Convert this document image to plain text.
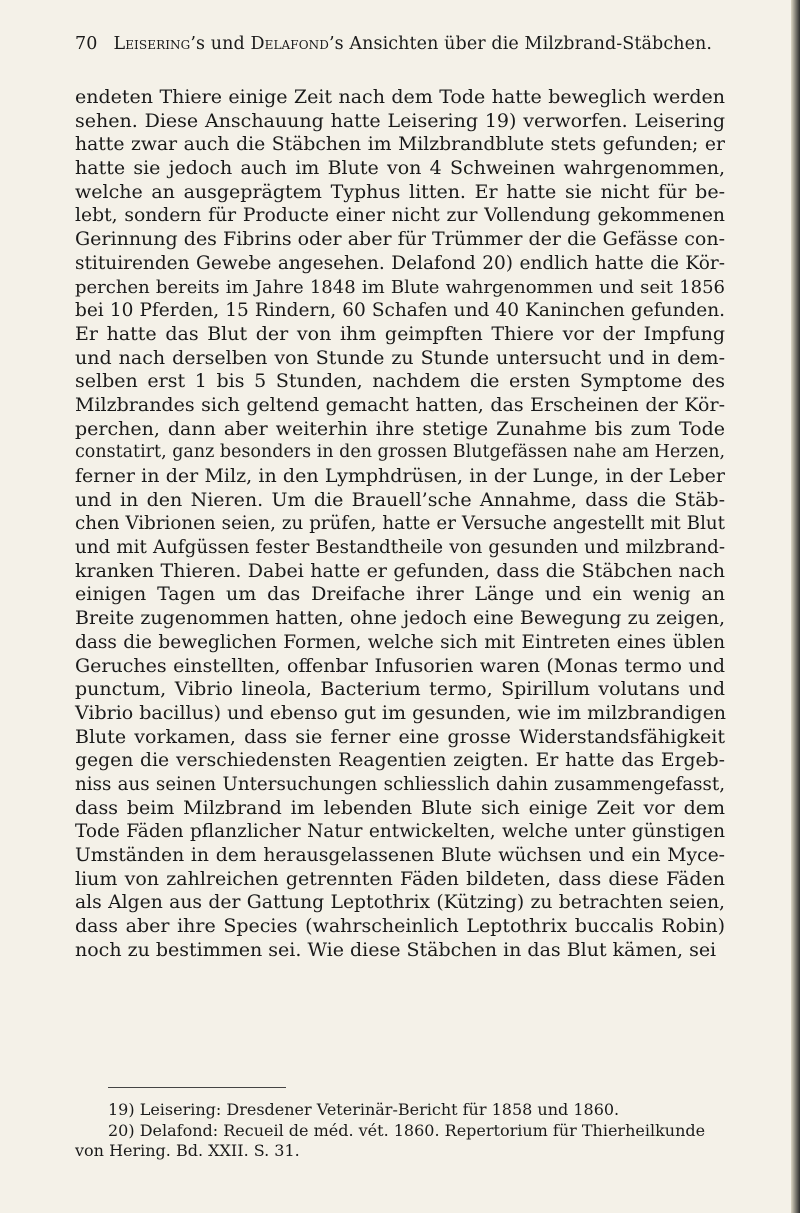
70 Leisering’s und Delafond’s Ansichten über die Milzbrand-Stäbchen.
endeten Thiere einige Zeit nach dem Tode hatte beweglich werden
sehen. Diese Anschauung hatte Leisering 19) verworfen. Leisering
hatte zwar auch die Stäbchen im Milzbrandblute stets gefunden; er
hatte sie jedoch auch im Blute von 4 Schweinen wahrgenommen,
welche an ausgeprägtem Typhus litten. Er hatte sie nicht für be-
lebt, sondern für Producte einer nicht zur Vollendung gekommenen
Gerinnung des Fibrins oder aber für Trümmer der die Gefässe con-
stituirenden Gewebe angesehen. Delafond 20) endlich hatte die Kör-
perchen bereits im Jahre 1848 im Blute wahrgenommen und seit 1856
bei 10 Pferden, 15 Rindern, 60 Schafen und 40 Kaninchen gefunden.
Er hatte das Blut der von ihm geimpften Thiere vor der Impfung
und nach derselben von Stunde zu Stunde untersucht und in dem-
selben erst 1 bis 5 Stunden, nachdem die ersten Symptome des
Milzbrandes sich geltend gemacht hatten, das Erscheinen der Kör-
perchen, dann aber weiterhin ihre stetige Zunahme bis zum Tode
constatirt, ganz besonders in den grossen Blutgefässen nahe am Herzen,
ferner in der Milz, in den Lymphdrüsen, in der Lunge, in der Leber
und in den Nieren. Um die Brauell’sche Annahme, dass die Stäb-
chen Vibrionen seien, zu prüfen, hatte er Versuche angestellt mit Blut
und mit Aufgüssen fester Bestandtheile von gesunden und milzbrand-
kranken Thieren. Dabei hatte er gefunden, dass die Stäbchen nach
einigen Tagen um das Dreifache ihrer Länge und ein wenig an
Breite zugenommen hatten, ohne jedoch eine Bewegung zu zeigen,
dass die beweglichen Formen, welche sich mit Eintreten eines üblen
Geruches einstellten, offenbar Infusorien waren (Monas termo und
punctum, Vibrio lineola, Bacterium termo, Spirillum volutans und
Vibrio bacillus) und ebenso gut im gesunden, wie im milzbrandigen
Blute vorkamen, dass sie ferner eine grosse Widerstandsfähigkeit
gegen die verschiedensten Reagentien zeigten. Er hatte das Ergeb-
niss aus seinen Untersuchungen schliesslich dahin zusammengefasst,
dass beim Milzbrand im lebenden Blute sich einige Zeit vor dem
Tode Fäden pflanzlicher Natur entwickelten, welche unter günstigen
Umständen in dem herausgelassenen Blute wüchsen und ein Myce-
lium von zahlreichen getrennten Fäden bildeten, dass diese Fäden
als Algen aus der Gattung Leptothrix (Kützing) zu betrachten seien,
dass aber ihre Species (wahrscheinlich Leptothrix buccalis Robin)
noch zu bestimmen sei. Wie diese Stäbchen in das Blut kämen, sei
19) Leisering: Dresdener Veterinär-Bericht für 1858 und 1860.
20) Delafond: Recueil de méd. vét. 1860. Repertorium für Thierheilkunde
von Hering. Bd. XXII. S. 31.
